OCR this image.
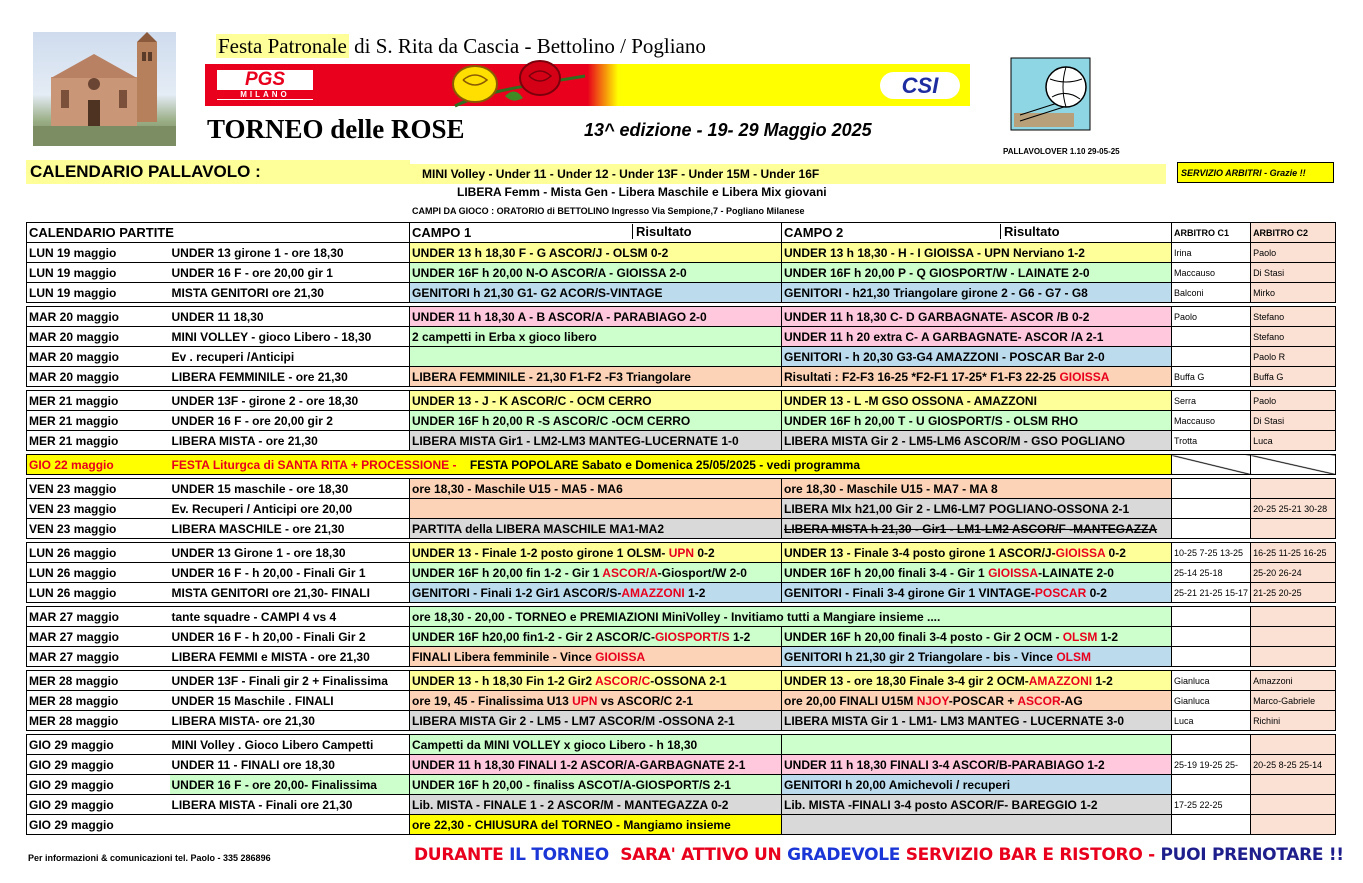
Festa Patronale di S. Rita da Cascia - Bettolino / Pogliano
PGS
MILANO	CSI
TORNEO delle ROSE	13^ edizione - 19- 29 Maggio 2025
PALLAVOLOVER 1.10 29-05-25
CALENDARIO PALLAVOLO :	MINI Volley - Under 11 - Under 12 - Under 13F - Under 15M - Under 16F
LIBERA Femm - Mista Gen - Libera Maschile e Libera Mix giovani
CAMPI DA GIOCO : ORATORIO di BETTOLINO Ingresso Via Sempione,7 - Pogliano Milanese
SERVIZIO ARBITRI - Grazie !!
CALENDARIO PARTITE		CAMPO 1 Risultato	CAMPO 2 Risultato	ARBITRO C1	ARBITRO C2
LUN 19 maggio	UNDER 13 girone 1 - ore 18,30	UNDER 13 h 18,30 F - G ASCOR/J - OLSM 0-2	UNDER 13 h 18,30 - H - I GIOISSA - UPN Nerviano 1-2	Irina	Paolo
LUN 19 maggio	UNDER 16 F - ore 20,00 gir 1	UNDER 16F h 20,00 N-O ASCOR/A - GIOISSA 2-0	UNDER 16F h 20,00 P - Q GIOSPORT/W - LAINATE 2-0	Maccauso	Di Stasi
LUN 19 maggio	MISTA GENITORI ore 21,30	GENITORI h 21,30 G1- G2 ACOR/S-VINTAGE	GENITORI - h21,30 Triangolare girone 2 - G6 - G7 - G8	Balconi	Mirko

MAR 20 maggio	UNDER 11 18,30	UNDER 11 h 18,30 A - B ASCOR/A - PARABIAGO 2-0	UNDER 11 h 18,30 C- D GARBAGNATE- ASCOR /B 0-2	Paolo	Stefano
MAR 20 maggio	MINI VOLLEY - gioco Libero - 18,30	2 campetti in Erba x gioco libero	UNDER 11 h 20 extra C- A GARBAGNATE- ASCOR /A 2-1		Stefano
MAR 20 maggio	Ev . recuperi /Anticipi		GENITORI - h 20,30 G3-G4 AMAZZONI - POSCAR Bar 2-0		Paolo R
MAR 20 maggio	LIBERA FEMMINILE - ore 21,30	LIBERA FEMMINILE - 21,30 F1-F2 -F3 Triangolare	Risultati : F2-F3 16-25 *F2-F1 17-25* F1-F3 22-25 GIOISSA	Buffa G	Buffa G

MER 21 maggio	UNDER 13F - girone 2 - ore 18,30	UNDER 13 - J - K ASCOR/C - OCM CERRO	UNDER 13 - L -M GSO OSSONA - AMAZZONI	Serra	Paolo
MER 21 maggio	UNDER 16 F - ore 20,00 gir 2	UNDER 16F h 20,00 R -S ASCOR/C -OCM CERRO	UNDER 16F h 20,00 T - U GIOSPORT/S - OLSM RHO	Maccauso	Di Stasi
MER 21 maggio	LIBERA MISTA - ore 21,30	LIBERA MISTA Gir1 - LM2-LM3 MANTEG-LUCERNATE 1-0	LIBERA MISTA Gir 2 - LM5-LM6 ASCOR/M - GSO POGLIANO	Trotta	Luca

GIO 22 maggio	FESTA Liturgca di SANTA RITA + PROCESSIONE - FESTA POPOLARE Sabato e Domenica 25/05/2025 - vedi programma				

VEN 23 maggio	UNDER 15 maschile - ore 18,30	ore 18,30 - Maschile U15 - MA5 - MA6	ore 18,30 - Maschile U15 - MA7 - MA 8		
VEN 23 maggio	Ev. Recuperi / Anticipi ore 20,00		LIBERA MIx h21,00 Gir 2 - LM6-LM7 POGLIANO-OSSONA 2-1		20-25 25-21 30-28
VEN 23 maggio	LIBERA MASCHILE - ore 21,30	PARTITA della LIBERA MASCHILE MA1-MA2	LIBERA MISTA h 21,30 - Gir1 - LM1-LM2 ASCOR/F -MANTEGAZZA		

LUN 26 maggio	UNDER 13 Girone 1 - ore 18,30	UNDER 13 - Finale 1-2 posto girone 1 OLSM- UPN 0-2	UNDER 13 - Finale 3-4 posto girone 1 ASCOR/J-GIOISSA 0-2	10-25 7-25 13-25	16-25 11-25 16-25
LUN 26 maggio	UNDER 16 F - h 20,00 - Finali Gir 1	UNDER 16F h 20,00 fin 1-2 - Gir 1 ASCOR/A-Giosport/W 2-0	UNDER 16F h 20,00 finali 3-4 - Gir 1 GIOISSA-LAINATE 2-0	25-14 25-18	25-20 26-24
LUN 26 maggio	MISTA GENITORI ore 21,30- FINALI	GENITORI - Finali 1-2 Gir1 ASCOR/S-AMAZZONI 1-2	GENITORI - Finali 3-4 girone Gir 1 VINTAGE-POSCAR 0-2	25-21 21-25 15-17	21-25 20-25

MAR 27 maggio	tante squadre - CAMPI 4 vs 4	ore 18,30 - 20,00 - TORNEO e PREMIAZIONI MiniVolley - Invitiamo tutti a Mangiare insieme ....			
MAR 27 maggio	UNDER 16 F - h 20,00 - Finali Gir 2	UNDER 16F h20,00 fin1-2 - Gir 2 ASCOR/C-GIOSPORT/S 1-2	UNDER 16F h 20,00 finali 3-4 posto - Gir 2 OCM - OLSM 1-2		
MAR 27 maggio	LIBERA FEMMI e MISTA - ore 21,30	FINALI Libera femminile - Vince GIOISSA	GENITORI h 21,30 gir 2 Triangolare - bis - Vince OLSM		

MER 28 maggio	UNDER 13F - Finali gir 2 + Finalissima	UNDER 13 - h 18,30 Fin 1-2 Gir2 ASCOR/C-OSSONA 2-1	UNDER 13 - ore 18,30 Finale 3-4 gir 2 OCM-AMAZZONI 1-2	Gianluca	Amazzoni
MER 28 maggio	UNDER 15 Maschile . FINALI	ore 19, 45 - Finalissima U13 UPN vs ASCOR/C 2-1	ore 20,00 FINALI U15M NJOY-POSCAR + ASCOR-AG	Gianluca	Marco-Gabriele
MER 28 maggio	LIBERA MISTA- ore 21,30	LIBERA MISTA Gir 2 - LM5 - LM7 ASCOR/M -OSSONA 2-1	LIBERA MISTA Gir 1 - LM1- LM3 MANTEG - LUCERNATE 3-0	Luca	Richini

GIO 29 maggio	MINI Volley . Gioco Libero Campetti	Campetti da MINI VOLLEY x gioco Libero - h 18,30			
GIO 29 maggio	UNDER 11 - FINALI ore 18,30	UNDER 11 h 18,30 FINALI 1-2 ASCOR/A-GARBAGNATE 2-1	UNDER 11 h 18,30 FINALI 3-4 ASCOR/B-PARABIAGO 1-2	25-19 19-25 25-	20-25 8-25 25-14
GIO 29 maggio	UNDER 16 F - ore 20,00- Finalissima	UNDER 16F h 20,00 - finaliss ASCOT/A-GIOSPORT/S 2-1	GENITORI h 20,00 Amichevoli / recuperi		
GIO 29 maggio	LIBERA MISTA - Finali ore 21,30	Lib. MISTA - FINALE 1 - 2 ASCOR/M - MANTEGAZZA 0-2	Lib. MISTA -FINALI 3-4 posto ASCOR/F- BAREGGIO 1-2	17-25 22-25	
GIO 29 maggio		ore 22,30 - CHIUSURA del TORNEO - Mangiamo insieme			
Per informazioni & comunicazioni tel. Paolo - 335 286896	DURANTE IL TORNEO SARA' ATTIVO UN GRADEVOLE SERVIZIO BAR E RISTORO - PUOI PRENOTARE !!
